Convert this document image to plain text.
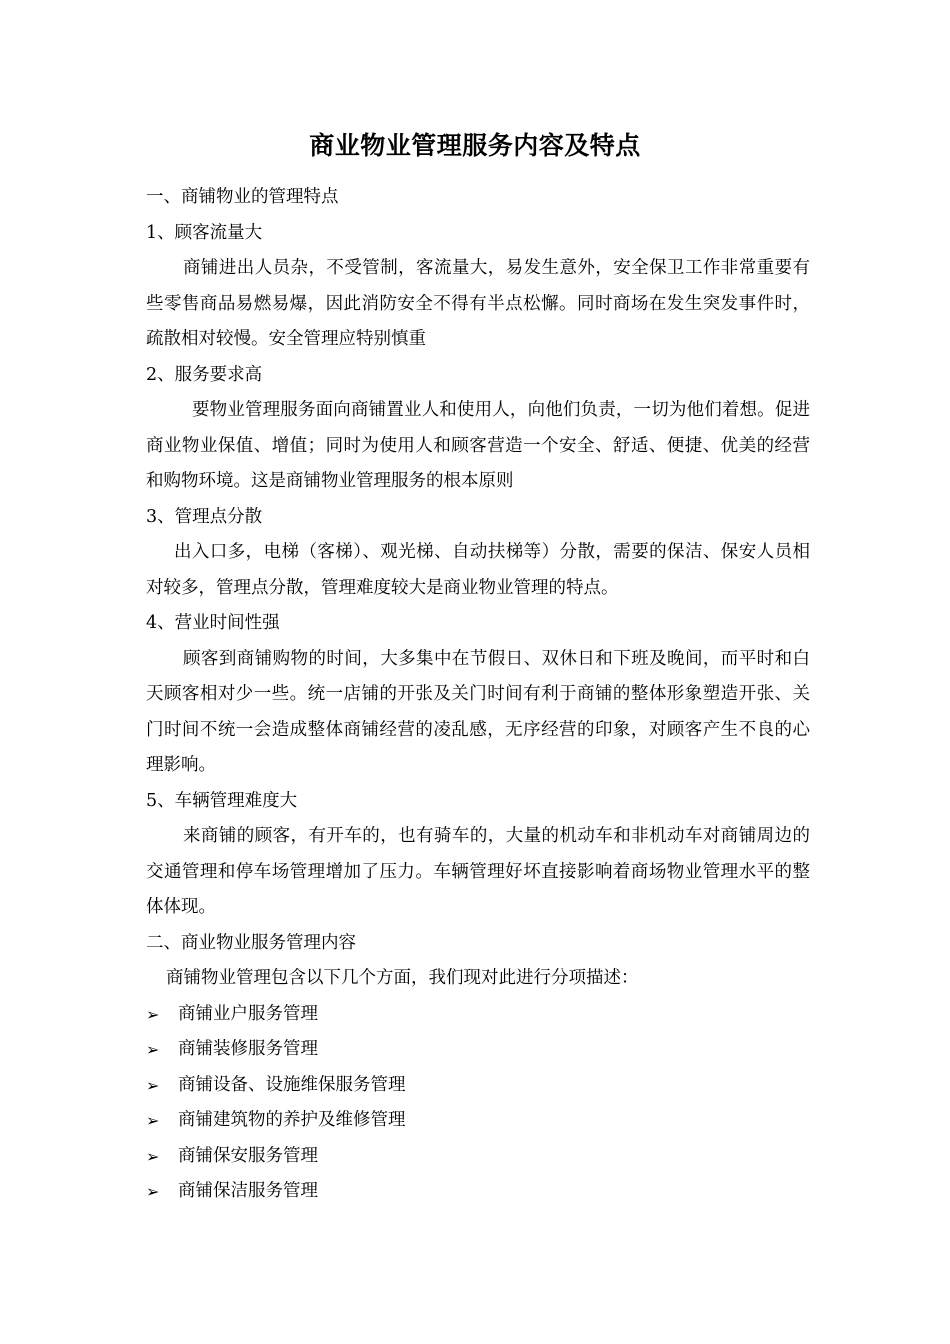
商业物业管理服务内容及特点
一、商铺物业的管理特点
1、顾客流量大
商铺进出人员杂，不受管制，客流量大，易发生意外，安全保卫工作非常重要有些零售商品易燃易爆，因此消防安全不得有半点松懈。同时商场在发生突发事件时，疏散相对较慢。安全管理应特别慎重
2、服务要求高
要物业管理服务面向商铺置业人和使用人，向他们负责，一切为他们着想。促进商业物业保值、增值；同时为使用人和顾客营造一个安全、舒适、便捷、优美的经营和购物环境。这是商铺物业管理服务的根本原则
3、管理点分散
出入口多，电梯（客梯）、观光梯、自动扶梯等）分散，需要的保洁、保安人员相对较多，管理点分散，管理难度较大是商业物业管理的特点。
4、营业时间性强
顾客到商铺购物的时间，大多集中在节假日、双休日和下班及晚间，而平时和白天顾客相对少一些。统一店铺的开张及关门时间有利于商铺的整体形象塑造开张、关门时间不统一会造成整体商铺经营的凌乱感，无序经营的印象，对顾客产生不良的心理影响。
5、车辆管理难度大
来商铺的顾客，有开车的，也有骑车的，大量的机动车和非机动车对商铺周边的交通管理和停车场管理增加了压力。车辆管理好坏直接影响着商场物业管理水平的整体体现。
二、商业物业服务管理内容
商铺物业管理包含以下几个方面，我们现对此进行分项描述：
➢	商铺业户服务管理
➢	商铺装修服务管理
➢	商铺设备、设施维保服务管理
➢	商铺建筑物的养护及维修管理
➢	商铺保安服务管理
➢	商铺保洁服务管理
